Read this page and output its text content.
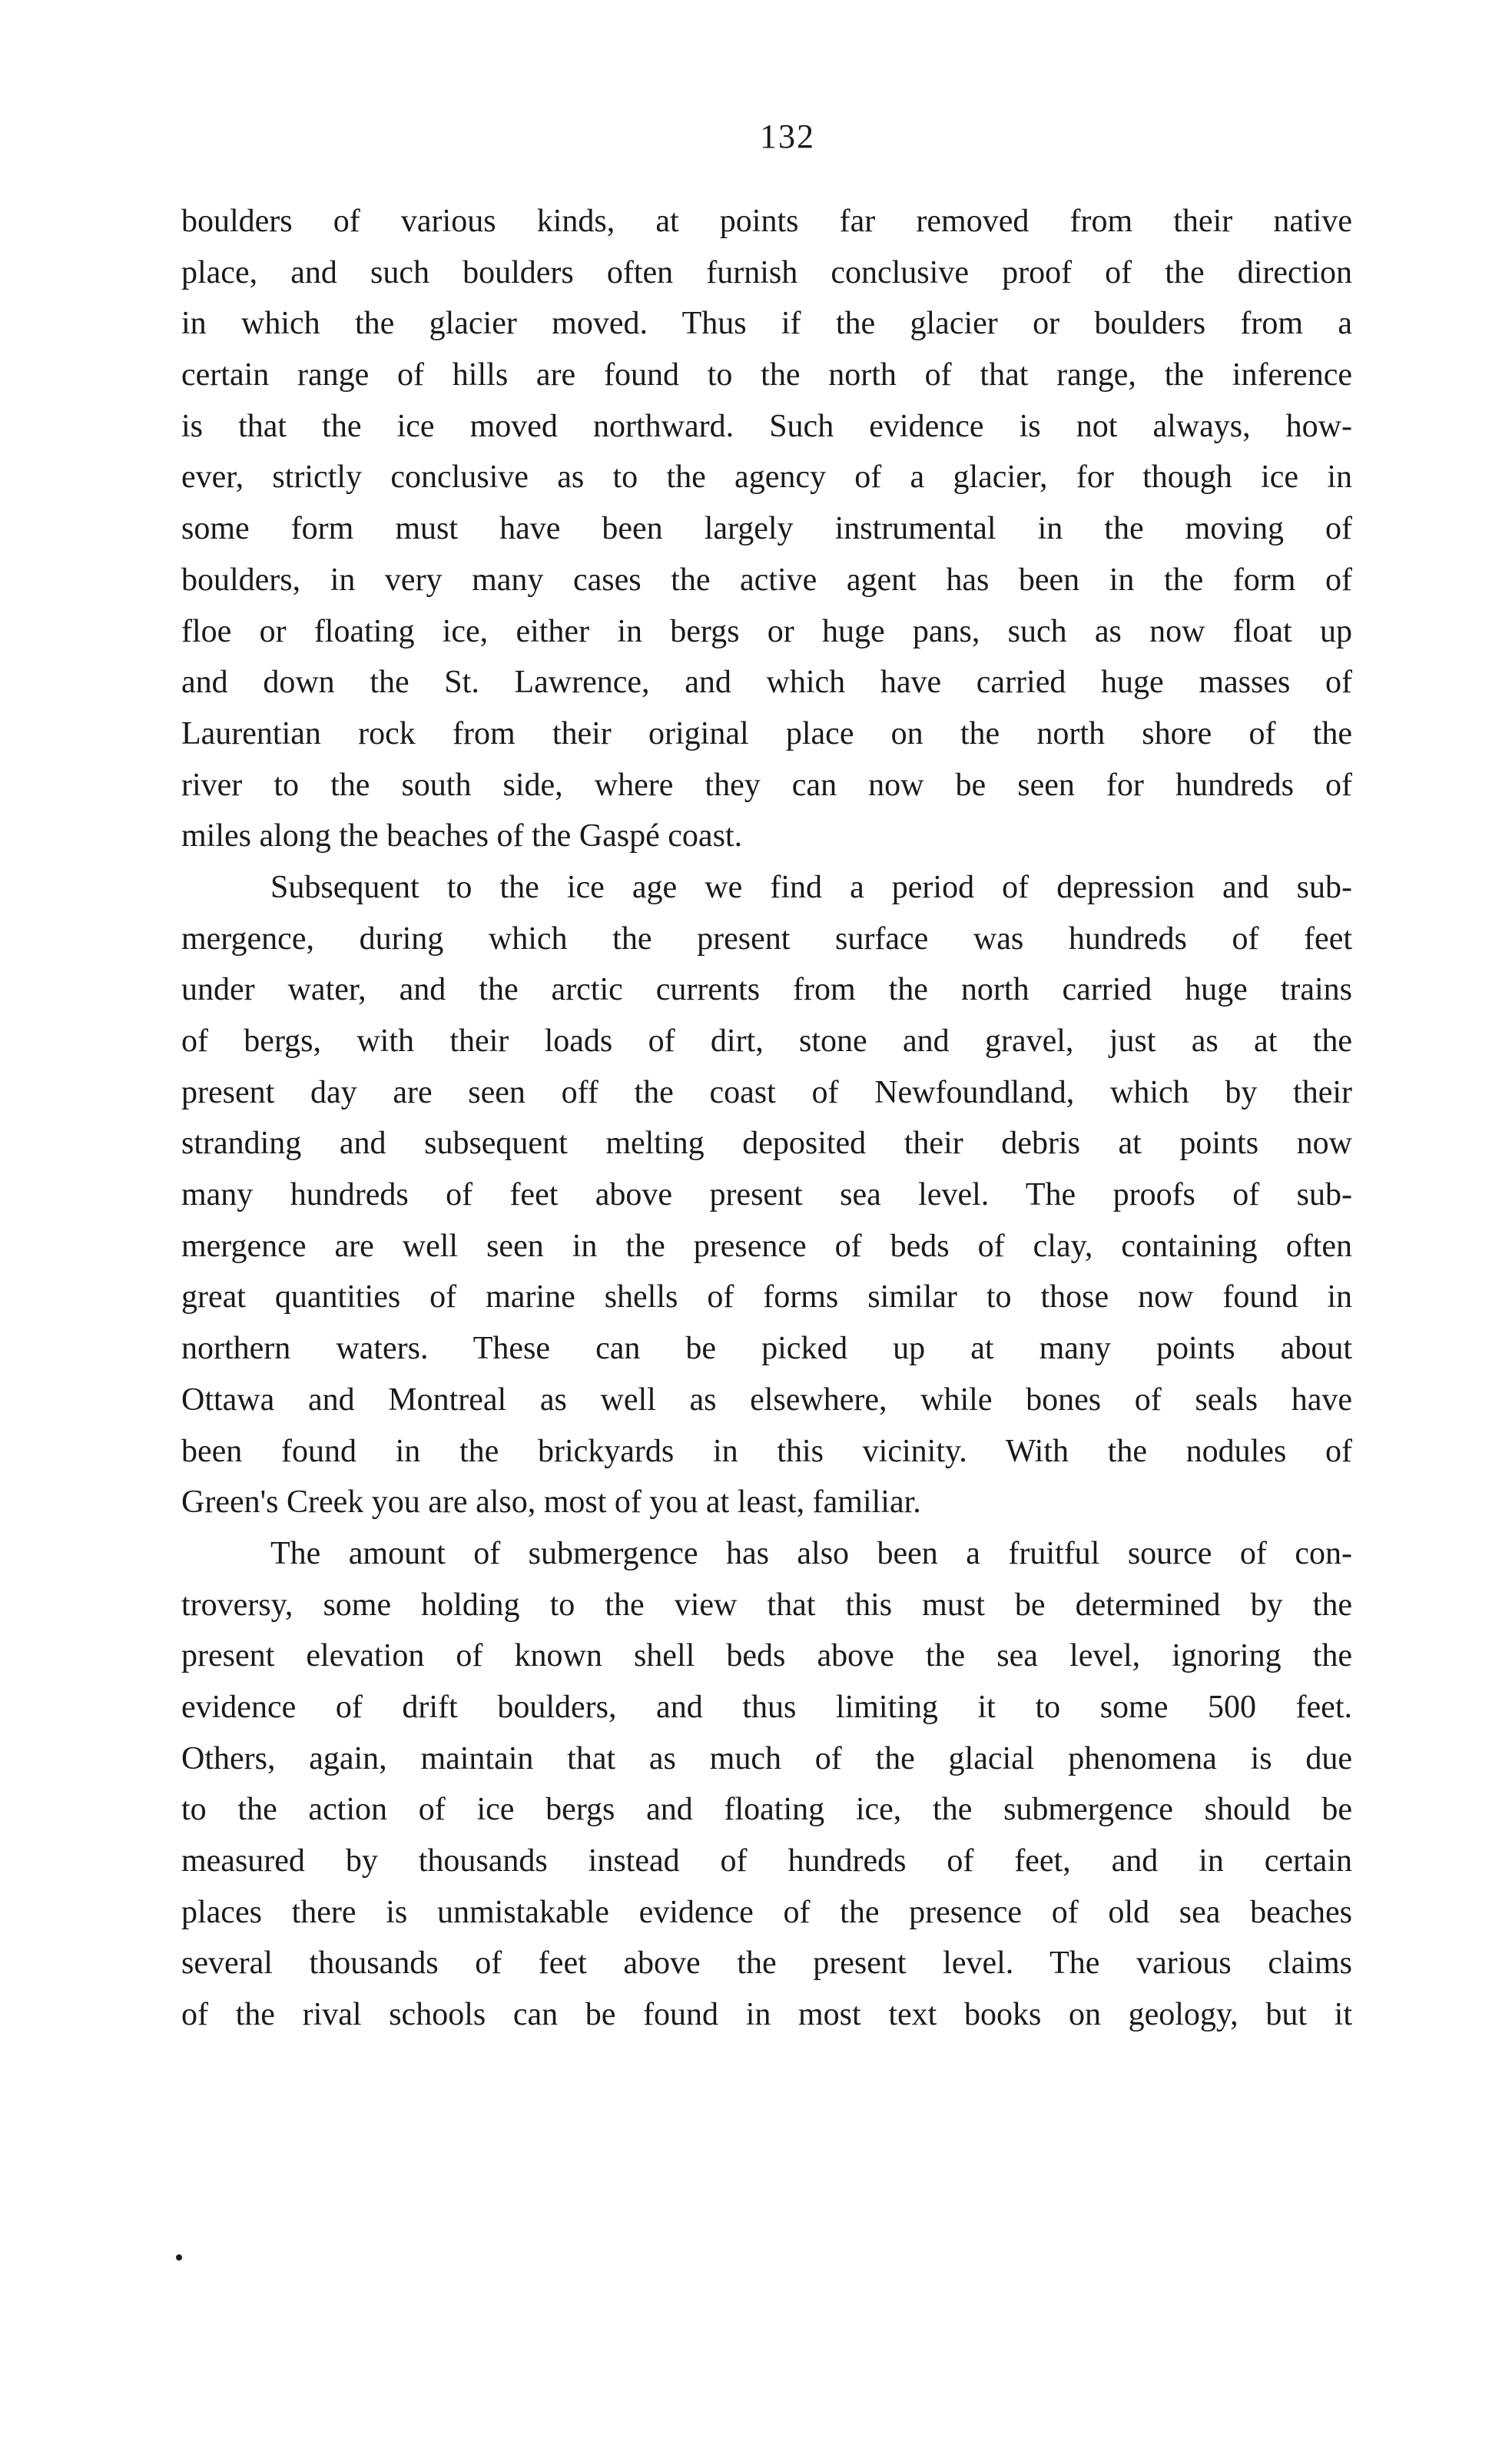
132
boulders of various kinds, at points far removed from their native
place, and such boulders often furnish conclusive proof of the direction
in which the glacier moved. Thus if the glacier or boulders from a
certain range of hills are found to the north of that range, the inference
is that the ice moved northward. Such evidence is not always, how-
ever, strictly conclusive as to the agency of a glacier, for though ice in
some form must have been largely instrumental in the moving of
boulders, in very many cases the active agent has been in the form of
floe or floating ice, either in bergs or huge pans, such as now float up
and down the St. Lawrence, and which have carried huge masses of
Laurentian rock from their original place on the north shore of the
river to the south side, where they can now be seen for hundreds of
miles along the beaches of the Gaspé coast.
Subsequent to the ice age we find a period of depression and sub-
mergence, during which the present surface was hundreds of feet
under water, and the arctic currents from the north carried huge trains
of bergs, with their loads of dirt, stone and gravel, just as at the
present day are seen off the coast of Newfoundland, which by their
stranding and subsequent melting deposited their debris at points now
many hundreds of feet above present sea level. The proofs of sub-
mergence are well seen in the presence of beds of clay, containing often
great quantities of marine shells of forms similar to those now found in
northern waters. These can be picked up at many points about
Ottawa and Montreal as well as elsewhere, while bones of seals have
been found in the brickyards in this vicinity. With the nodules of
Green's Creek you are also, most of you at least, familiar.
The amount of submergence has also been a fruitful source of con-
troversy, some holding to the view that this must be determined by the
present elevation of known shell beds above the sea level, ignoring the
evidence of drift boulders, and thus limiting it to some 500 feet.
Others, again, maintain that as much of the glacial phenomena is due
to the action of ice bergs and floating ice, the submergence should be
measured by thousands instead of hundreds of feet, and in certain
places there is unmistakable evidence of the presence of old sea beaches
several thousands of feet above the present level. The various claims
of the rival schools can be found in most text books on geology, but it
